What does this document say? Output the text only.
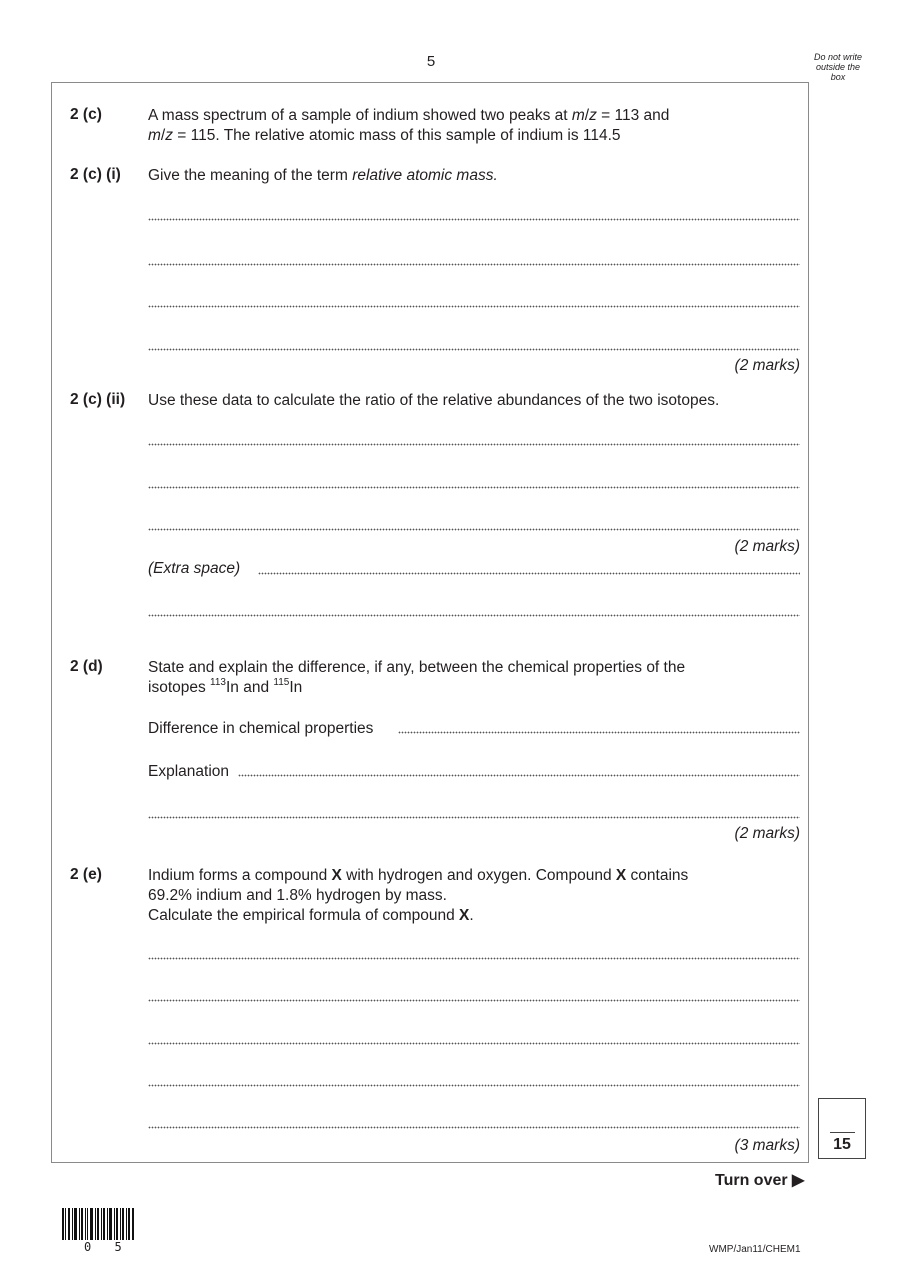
5	Do not write
outside the
box
2 (c)	A mass spectrum of a sample of indium showed two peaks at m/z = 113 and
m/z = 115. The relative atomic mass of this sample of indium is 114.5
2 (c) (i) Give the meaning of the term relative atomic mass.
(2 marks)
2 (c) (ii) Use these data to calculate the ratio of the relative abundances of the two isotopes.
(2 marks)
(Extra space)
2 (d)	State and explain the difference, if any, between the chemical properties of the
isotopes $^{113}$In and $^{115}$In
Difference in chemical properties
Explanation
(2 marks)
2 (e)	Indium forms a compound X with hydrogen and oxygen. Compound X contains
69.2% indium and 1.8% hydrogen by mass.
Calculate the empirical formula of compound X.
(3 marks)	15
Turn over ▶
0 5	WMP/Jan11/CHEM1
